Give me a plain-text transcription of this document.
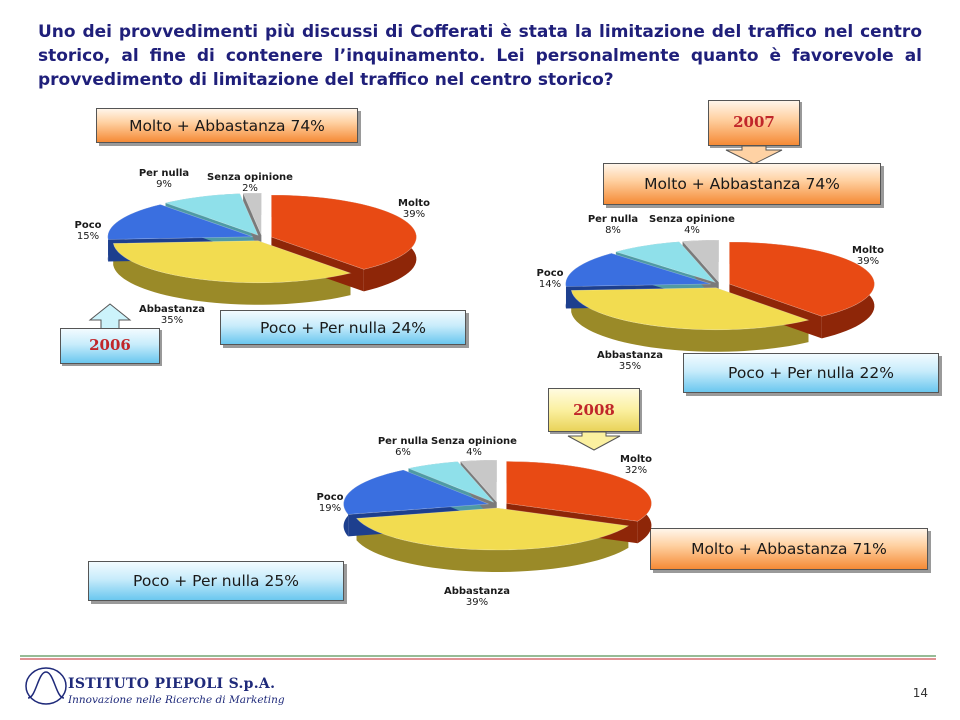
Uno dei provvedimenti più discussi di Cofferati è stata la limitazione del traffico nel centro storico, al fine di contenere l’inquinamento. Lei personalmente quanto è favorevole al provvedimento di limitazione del traffico nel centro storico?
Molto + Abbastanza 74%
Poco + Per nulla 24%
2006
2007
Molto + Abbastanza 74%
Poco + Per nulla 22%
2008
Molto + Abbastanza 71%
Poco + Per nulla 25%
Molto
39%
Abbastanza
35%
Poco
15%
Per nulla
9%
Senza opinione
2%
Molto
39%
Abbastanza
35%
Poco
14%
Per nulla
8%
Senza opinione
4%
Molto
32%
Abbastanza
39%
Poco
19%
Per nulla
6%
Senza opinione
4%
ISTITUTO PIEPOLI S.p.A.
Innovazione nelle Ricerche di Marketing	14
